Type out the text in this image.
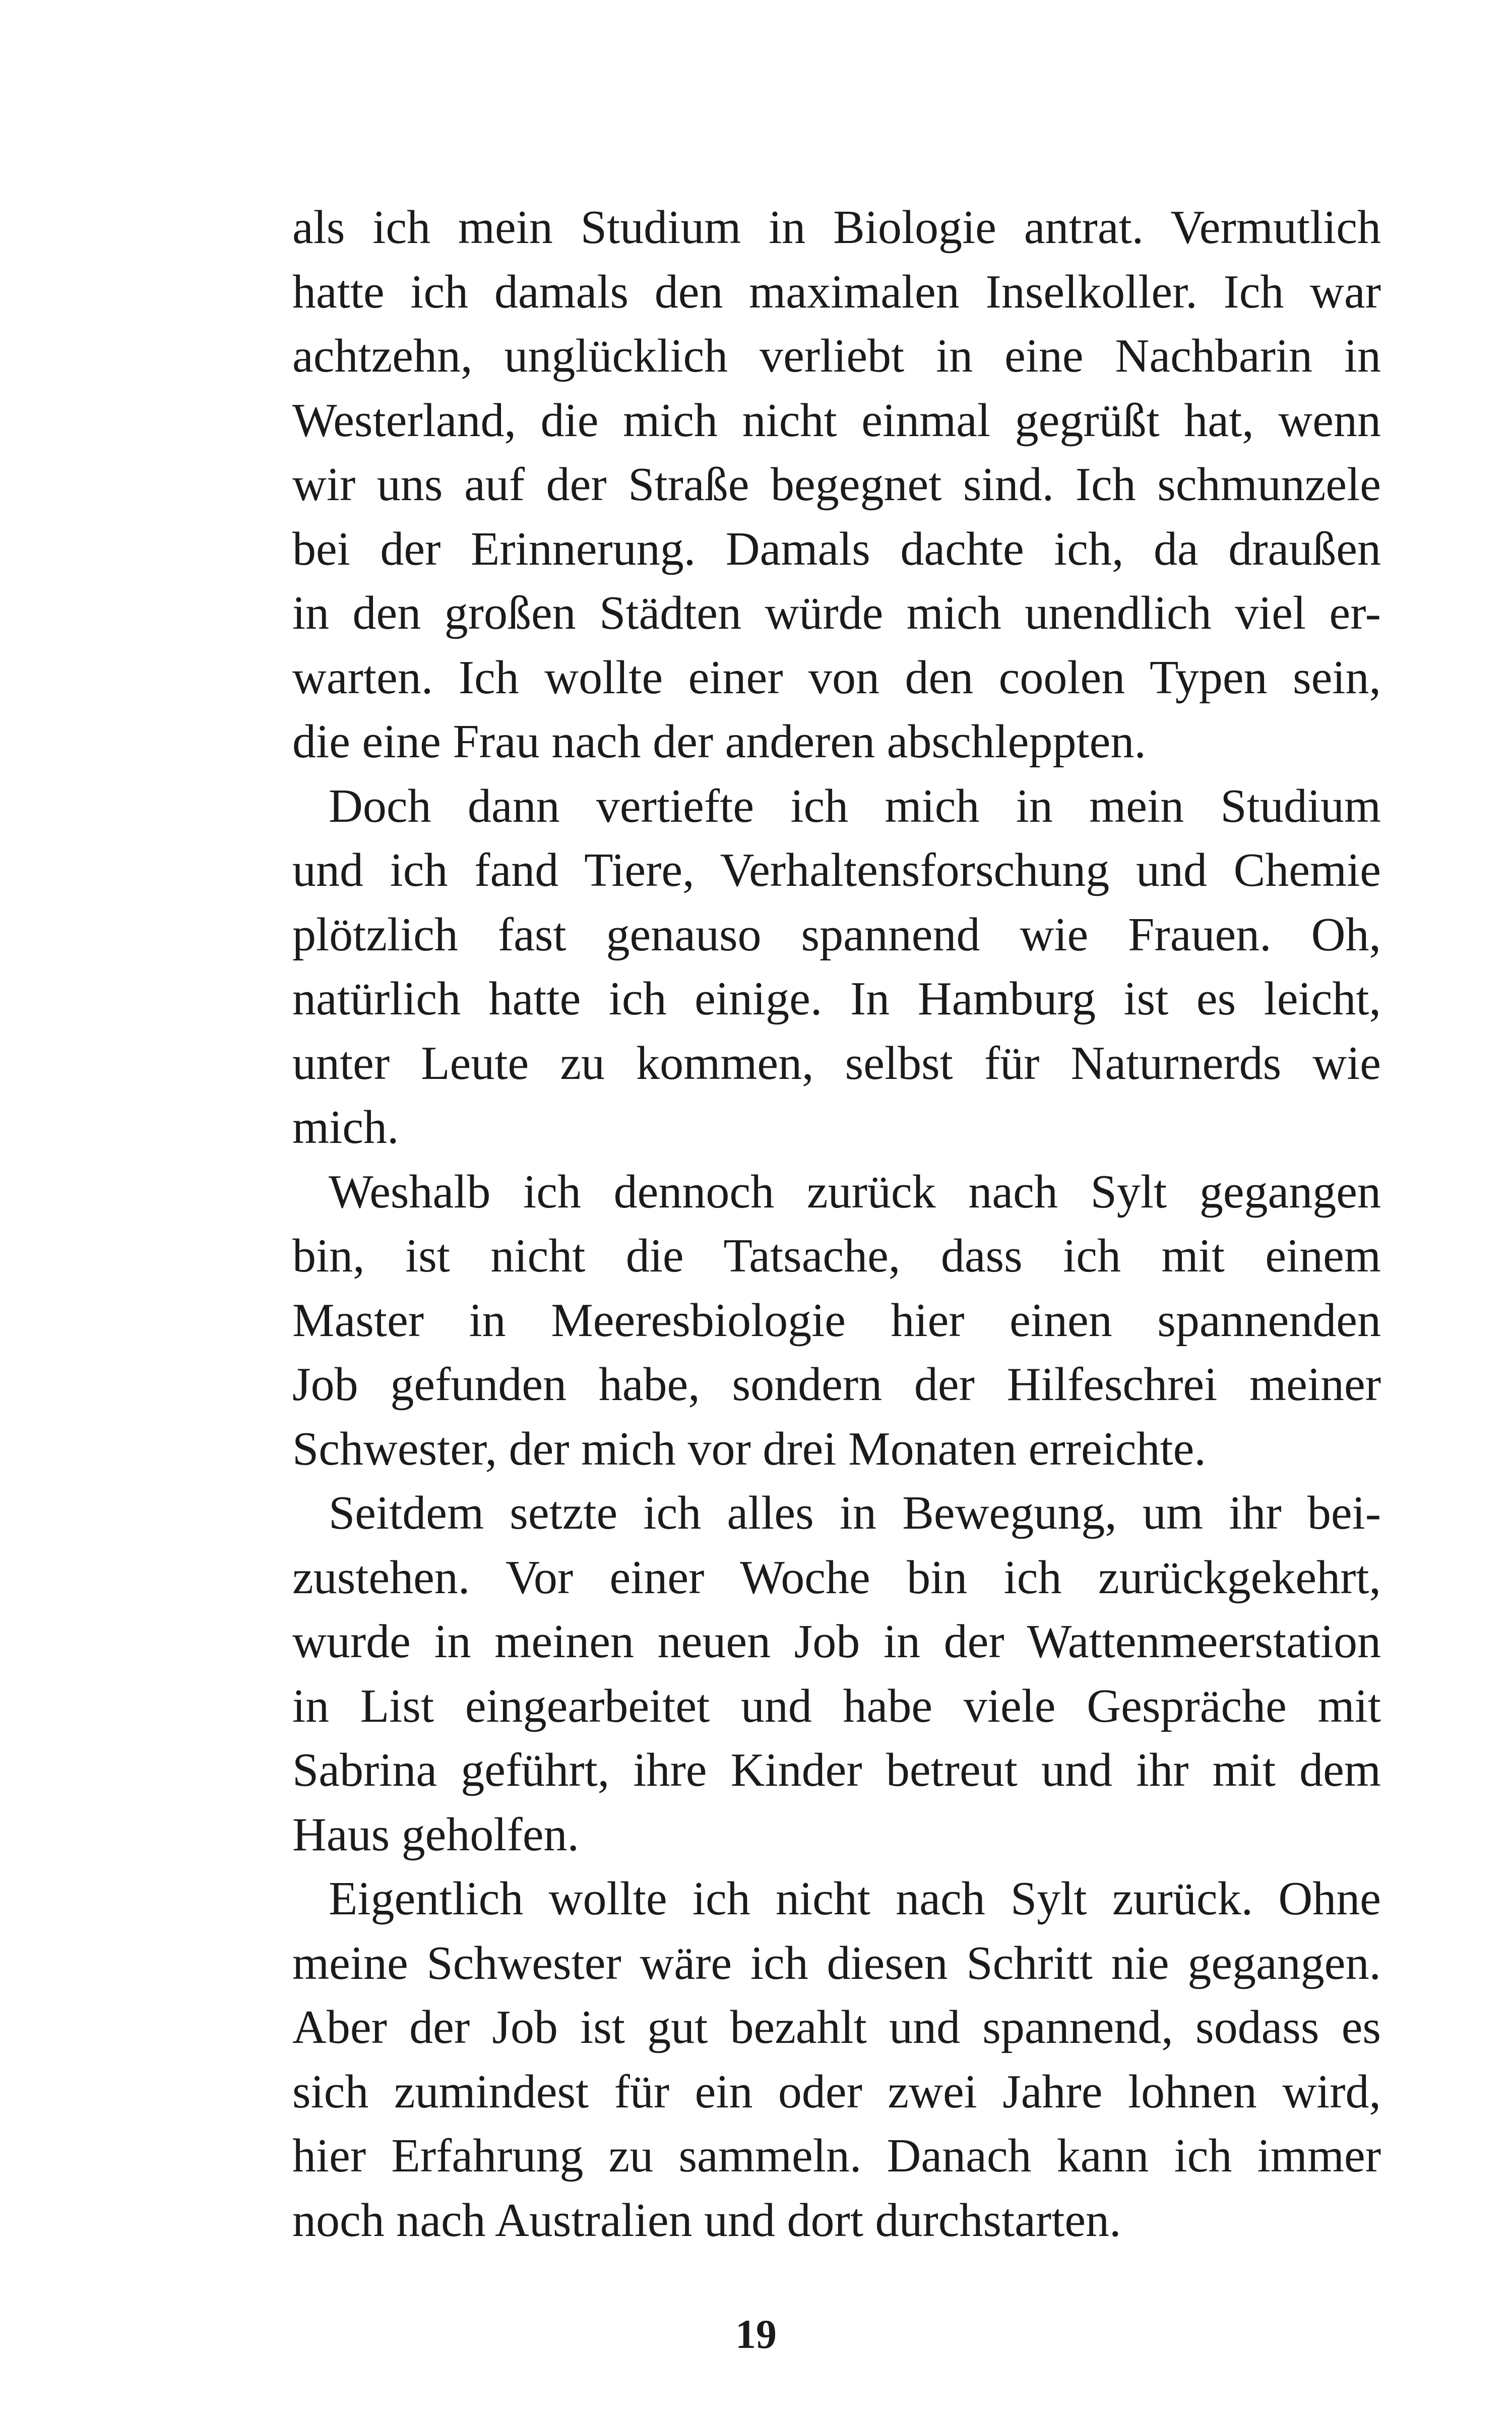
als ich mein Studium in Biologie antrat. Vermutlich
hatte ich damals den maximalen Inselkoller. Ich war
achtzehn, unglücklich verliebt in eine Nachbarin in
Westerland, die mich nicht einmal gegrüßt hat, wenn
wir uns auf der Straße begegnet sind. Ich schmunzele
bei der Erinnerung. Damals dachte ich, da draußen
in den großen Städten würde mich unendlich viel er-
warten. Ich wollte einer von den coolen Typen sein,
die eine Frau nach der anderen abschleppten.
Doch dann vertiefte ich mich in mein Studium
und ich fand Tiere, Verhaltensforschung und Chemie
plötzlich fast genauso spannend wie Frauen. Oh,
natürlich hatte ich einige. In Hamburg ist es leicht,
unter Leute zu kommen, selbst für Naturnerds wie
mich.
Weshalb ich dennoch zurück nach Sylt gegangen
bin, ist nicht die Tatsache, dass ich mit einem
Master in Meeresbiologie hier einen spannenden
Job gefunden habe, sondern der Hilfeschrei meiner
Schwester, der mich vor drei Monaten erreichte.
Seitdem setzte ich alles in Bewegung, um ihr bei-
zustehen. Vor einer Woche bin ich zurückgekehrt,
wurde in meinen neuen Job in der Wattenmeerstation
in List eingearbeitet und habe viele Gespräche mit
Sabrina geführt, ihre Kinder betreut und ihr mit dem
Haus geholfen.
Eigentlich wollte ich nicht nach Sylt zurück. Ohne
meine Schwester wäre ich diesen Schritt nie gegangen.
Aber der Job ist gut bezahlt und spannend, sodass es
sich zumindest für ein oder zwei Jahre lohnen wird,
hier Erfahrung zu sammeln. Danach kann ich immer
noch nach Australien und dort durchstarten.
19
